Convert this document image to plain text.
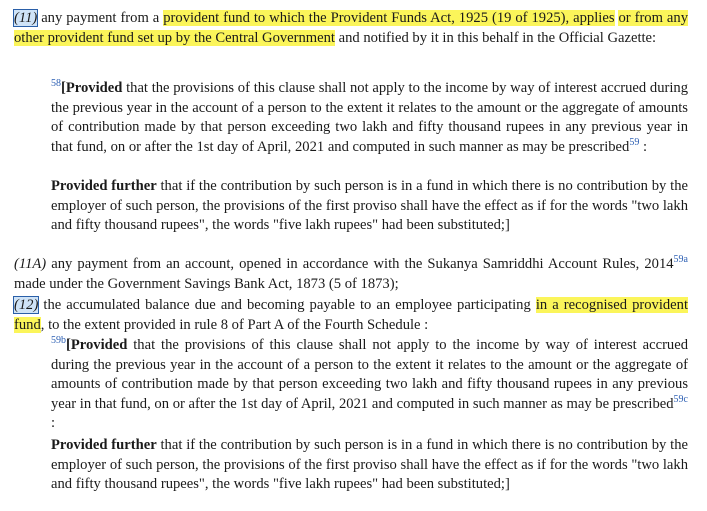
(11) any payment from a provident fund to which the Provident Funds Act, 1925 (19 of 1925), applies or from any other provident fund set up by the Central Government and notified by it in this behalf in the Official Gazette:

$^{58}$[Provided that the provisions of this clause shall not apply to the income by way of interest accrued during the previous year in the account of a person to the extent it relates to the amount or the aggregate of amounts of contribution made by that person exceeding two lakh and fifty thousand rupees in any previous year in that fund, on or after the 1st day of April, 2021 and computed in such manner as may be prescribed$^{59}$ :

Provided further that if the contribution by such person is in a fund in which there is no contribution by the employer of such person, the provisions of the first proviso shall have the effect as if for the words "two lakh and fifty thousand rupees", the words "five lakh rupees" had been substituted;]

(11A) any payment from an account, opened in accordance with the Sukanya Samriddhi Account Rules, 2014$^{59a}$ made under the Government Savings Bank Act, 1873 (5 of 1873);

(12) the accumulated balance due and becoming payable to an employee participating in a recognised provident fund, to the extent provided in rule 8 of Part A of the Fourth Schedule :

$^{59b}$[Provided that the provisions of this clause shall not apply to the income by way of interest accrued during the previous year in the account of a person to the extent it relates to the amount or the aggregate of amounts of contribution made by that person exceeding two lakh and fifty thousand rupees in any previous year in that fund, on or after the 1st day of April, 2021 and computed in such manner as may be prescribed$^{59c}$ :

Provided further that if the contribution by such person is in a fund in which there is no contribution by the employer of such person, the provisions of the first proviso shall have the effect as if for the words "two lakh and fifty thousand rupees", the words "five lakh rupees" had been substituted;]
